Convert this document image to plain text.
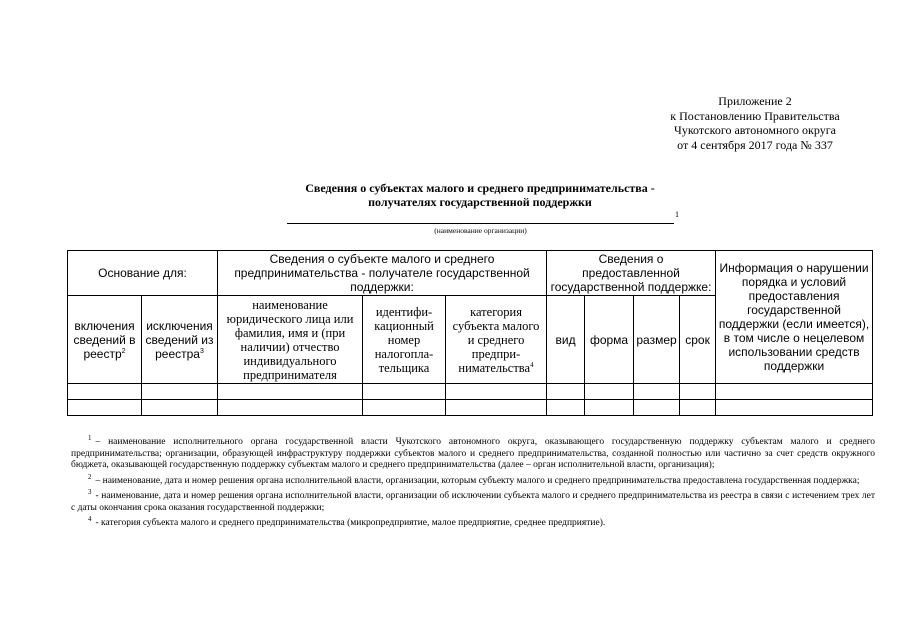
Приложение 2
к Постановлению Правительства
Чукотского автономного округа
от 4 сентября 2017 года № 337
Сведения о субъектах малого и среднего предпринимательства -
получателях государственной поддержки
1
(наименование организации)
Основание для:		Сведения о субъекте малого и среднего предпринимательства - получателе государственной поддержки:			Сведения о предоставленной государственной поддержке:				Информация о нарушении порядка и условий предоставления государственной поддержки (если имеется), в том числе о нецелевом использовании средств поддержки
включения сведений в реестр$^2$	исключения сведений из реестра$^3$	наименование юридического лица или фамилия, имя и (при наличии) отчество индивидуального предпринимателя	идентифи-кационный номер налогопла-тельщика	категория субъекта малого и среднего предпри-нимательства$^4$	вид	форма	размер	срок	

$^1$ – наименование исполнительного органа государственной власти Чукотского автономного округа, оказывающего государственную поддержку субъектам малого и среднего предпринимательства; организации, образующей инфраструктуру поддержки субъектов малого и среднего предпринимательства, созданной полностью или частично за счет средств окружного бюджета, оказывающей государственную поддержку субъектам малого и среднего предпринимательства (далее – орган исполнительной власти, организация);

$^2$ – наименование, дата и номер решения органа исполнительной власти, организации, которым субъекту малого и среднего предпринимательства предоставлена государственная поддержка;

$^3$ - наименование, дата и номер решения органа исполнительной власти, организации об исключении субъекта малого и среднего предпринимательства из реестра в связи с истечением трех лет с даты окончания срока оказания государственной поддержки;

$^4$ - категория субъекта малого и среднего предпринимательства (микропредприятие, малое предприятие, среднее предприятие).
